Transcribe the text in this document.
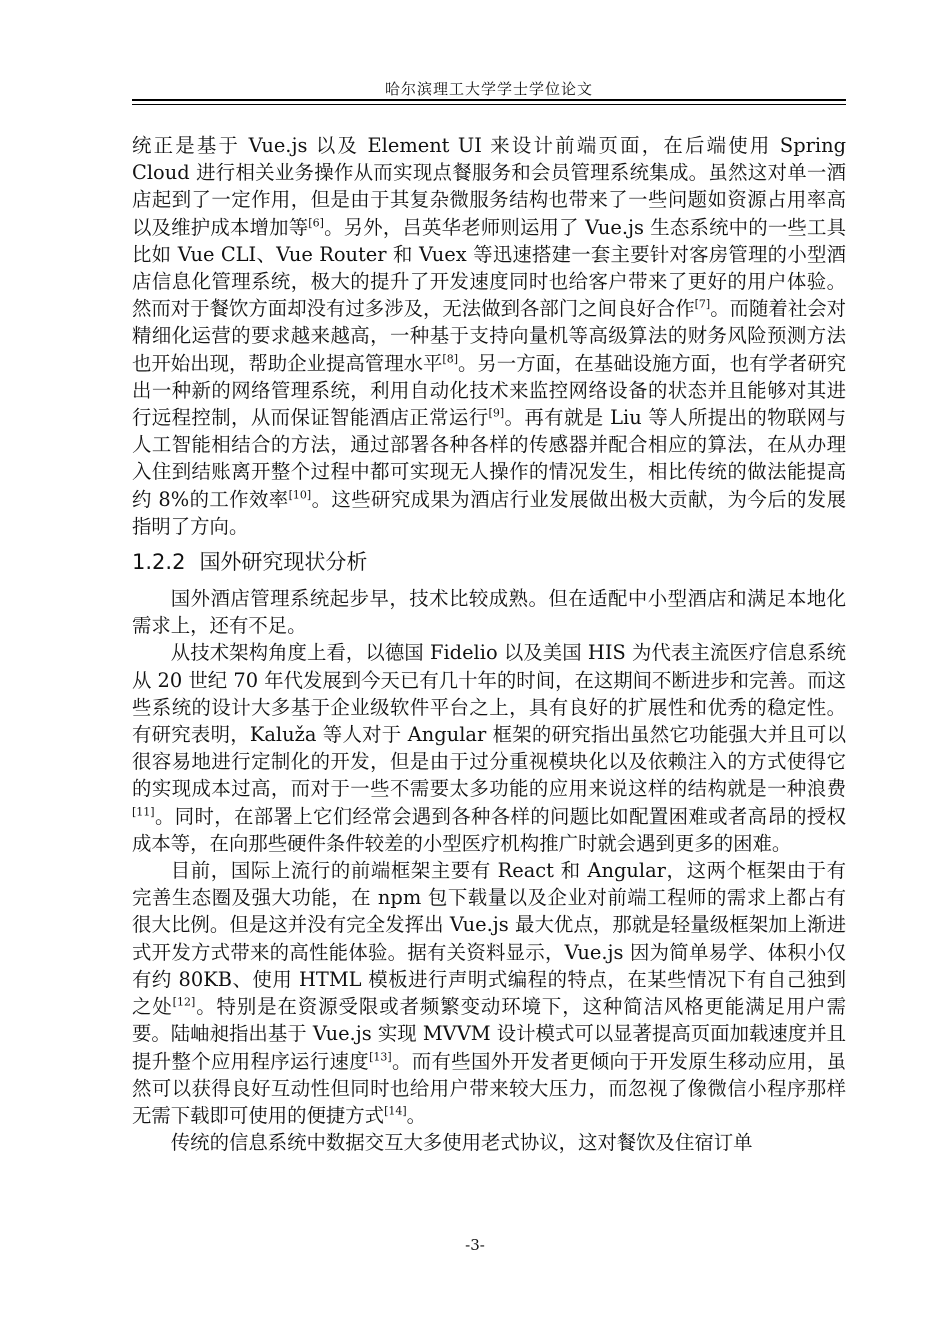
哈尔滨理工大学学士学位论文

统正是基于 Vue.js 以及 Element UI 来设计前端页面，在后端使用 Spring Cloud 进行相关业务操作从而实现点餐服务和会员管理系统集成。虽然这对单一酒店起到了一定作用，但是由于其复杂微服务结构也带来了一些问题如资源占用率高以及维护成本增加等[6]。另外，吕英华老师则运用了 Vue.js 生态系统中的一些工具比如 Vue CLI、Vue Router 和 Vuex 等迅速搭建一套主要针对客房管理的小型酒店信息化管理系统，极大的提升了开发速度同时也给客户带来了更好的用户体验。然而对于餐饮方面却没有过多涉及，无法做到各部门之间良好合作[7]。而随着社会对精细化运营的要求越来越高，一种基于支持向量机等高级算法的财务风险预测方法也开始出现，帮助企业提高管理水平[8]。另一方面，在基础设施方面，也有学者研究出一种新的网络管理系统，利用自动化技术来监控网络设备的状态并且能够对其进行远程控制，从而保证智能酒店正常运行[9]。再有就是 Liu 等人所提出的物联网与人工智能相结合的方法，通过部署各种各样的传感器并配合相应的算法，在从办理入住到结账离开整个过程中都可实现无人操作的情况发生，相比传统的做法能提高约 8%的工作效率[10]。这些研究成果为酒店行业发展做出极大贡献，为今后的发展指明了方向。

1.2.2 国外研究现状分析

国外酒店管理系统起步早，技术比较成熟。但在适配中小型酒店和满足本地化需求上，还有不足。

从技术架构角度上看，以德国 Fidelio 以及美国 HIS 为代表主流医疗信息系统从 20 世纪 70 年代发展到今天已有几十年的时间，在这期间不断进步和完善。而这些系统的设计大多基于企业级软件平台之上，具有良好的扩展性和优秀的稳定性。有研究表明，Kaluža 等人对于 Angular 框架的研究指出虽然它功能强大并且可以很容易地进行定制化的开发，但是由于过分重视模块化以及依赖注入的方式使得它的实现成本过高，而对于一些不需要太多功能的应用来说这样的结构就是一种浪费[11]。同时，在部署上它们经常会遇到各种各样的问题比如配置困难或者高昂的授权成本等，在向那些硬件条件较差的小型医疗机构推广时就会遇到更多的困难。

目前，国际上流行的前端框架主要有 React 和 Angular，这两个框架由于有完善生态圈及强大功能，在 npm 包下载量以及企业对前端工程师的需求上都占有很大比例。但是这并没有完全发挥出 Vue.js 最大优点，那就是轻量级框架加上渐进式开发方式带来的高性能体验。据有关资料显示，Vue.js 因为简单易学、体积小仅有约 80KB、使用 HTML 模板进行声明式编程的特点，在某些情况下有自己独到之处[12]。特别是在资源受限或者频繁变动环境下，这种简洁风格更能满足用户需要。陆岫昶指出基于 Vue.js 实现 MVVM 设计模式可以显著提高页面加载速度并且提升整个应用程序运行速度[13]。而有些国外开发者更倾向于开发原生移动应用，虽然可以获得良好互动性但同时也给用户带来较大压力，而忽视了像微信小程序那样无需下载即可使用的便捷方式[14]。

传统的信息系统中数据交互大多使用老式协议，这对餐饮及住宿订单

-3-
